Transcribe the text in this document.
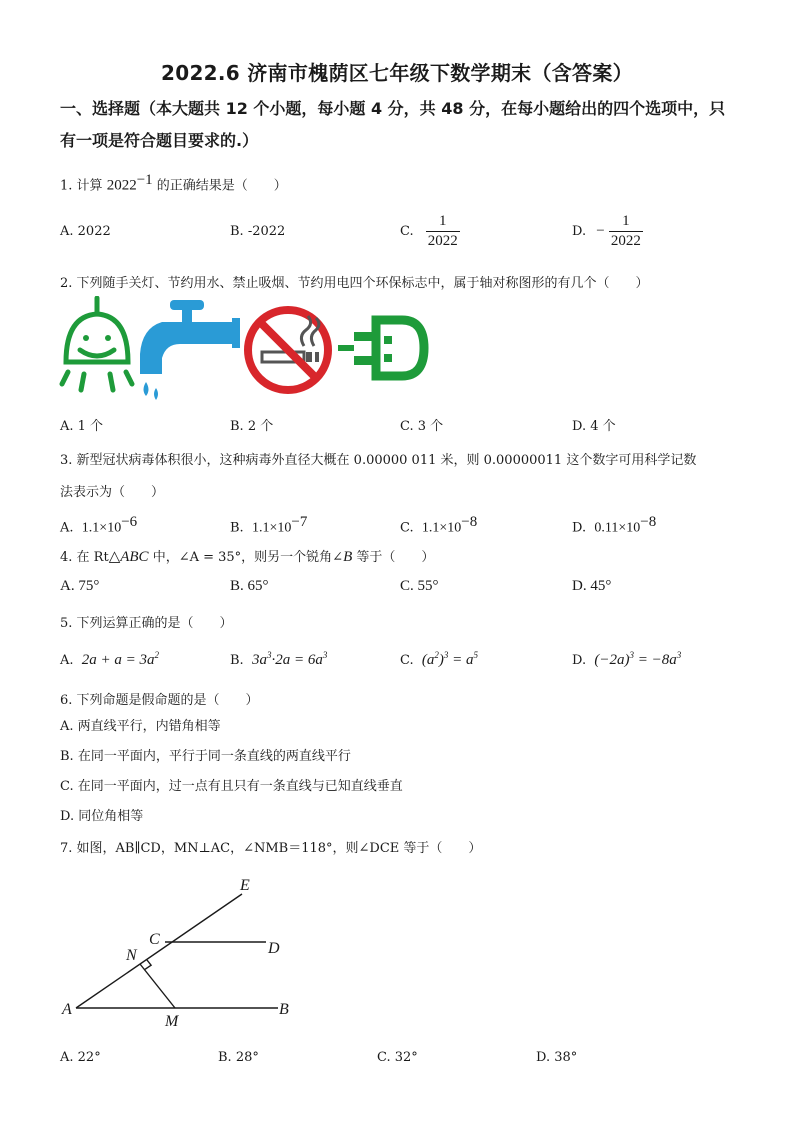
2022.6 济南市槐荫区七年级下数学期末（含答案）
一、选择题（本大题共 12 个小题，每小题 4 分，共 48 分，在每小题给出的四个选项中，只
有一项是符合题目要求的.）
1. 计算 $2022^{-1}$ 的正确结果是（　　）
A. 2022	B. -2022	C. $\frac{1}{2022}$	D. − $\frac{1}{2022}$
2. 下列随手关灯、节约用水、禁止吸烟、节约用电四个环保标志中，属于轴对称图形的有几个（　　）
A. 1 个	B. 2 个	C. 3 个	D. 4 个
3. 新型冠状病毒体积很小，这种病毒外直径大概在 0.00000 011 米，则 0.00000011 这个数字可用科学记数
法表示为（　　）
A. $1.1\times 10^{-6}$	B. $1.1\times 10^{-7}$	C. $1.1\times 10^{-8}$	D. $0.11\times 10^{-8}$
4. 在 Rt△ABC 中，∠A = 35°，则另一个锐角∠B 等于（　　）
A. 75°	B. 65°	C. 55°	D. 45°
5. 下列运算正确的是（　　）
A. $2a + a = 3a^2$	B. $3a^3\cdot 2a = 6a^3$	C. $(a^2)^3 = a^5$	D. $(-2a)^3 = -8a^3$
6. 下列命题是假命题的是（　　）
A. 两直线平行，内错角相等
B. 在同一平面内，平行于同一条直线的两直线平行
C. 在同一平面内，过一点有且只有一条直线与已知直线垂直
D. 同位角相等
7. 如图，AB∥CD，MN⊥AC，∠NMB＝118°，则∠DCE 等于（　　）
E
C
D
N
A
M
B
A. 22°	B. 28°	C. 32°	D. 38°
